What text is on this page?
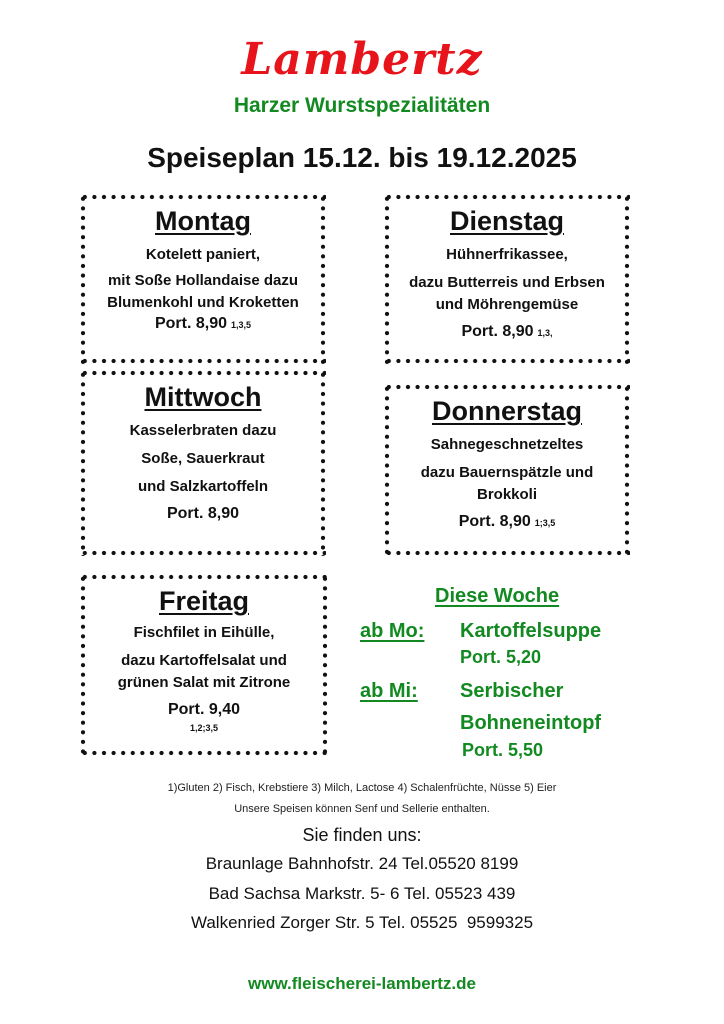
Lambertz
Harzer Wurstspezialitäten
Speiseplan 15.12. bis 19.12.2025
Montag
Kotelett paniert,
mit Soße Hollandaise dazu
Blumenkohl und Kroketten
Port. 8,90 1,3,5
Dienstag
Hühnerfrikassee,
dazu Butterreis und Erbsen
und Möhrengemüse
Port. 8,90 1,3,
Mittwoch
Kasselerbraten dazu
Soße, Sauerkraut
und Salzkartoffeln
Port. 8,90
Donnerstag
Sahnegeschnetzeltes
dazu Bauernspätzle und
Brokkoli
Port. 8,90 1;3,5
Freitag
Fischfilet in Eihülle,
dazu Kartoffelsalat und
grünen Salat mit Zitrone
Port. 9,40
1,2;3,5
Diese Woche
ab Mo: Kartoffelsuppe
Port. 5,20
ab Mi: Serbischer
Bohneneintopf
Port. 5,50
1)Gluten 2) Fisch, Krebstiere 3) Milch, Lactose 4) Schalenfrüchte, Nüsse 5) Eier
Unsere Speisen können Senf und Sellerie enthalten.
Sie finden uns:
Braunlage Bahnhofstr. 24 Tel.05520 8199
Bad Sachsa Markstr. 5- 6 Tel. 05523 439
Walkenried Zorger Str. 5 Tel. 05525  9599325
www.fleischerei-lambertz.de
